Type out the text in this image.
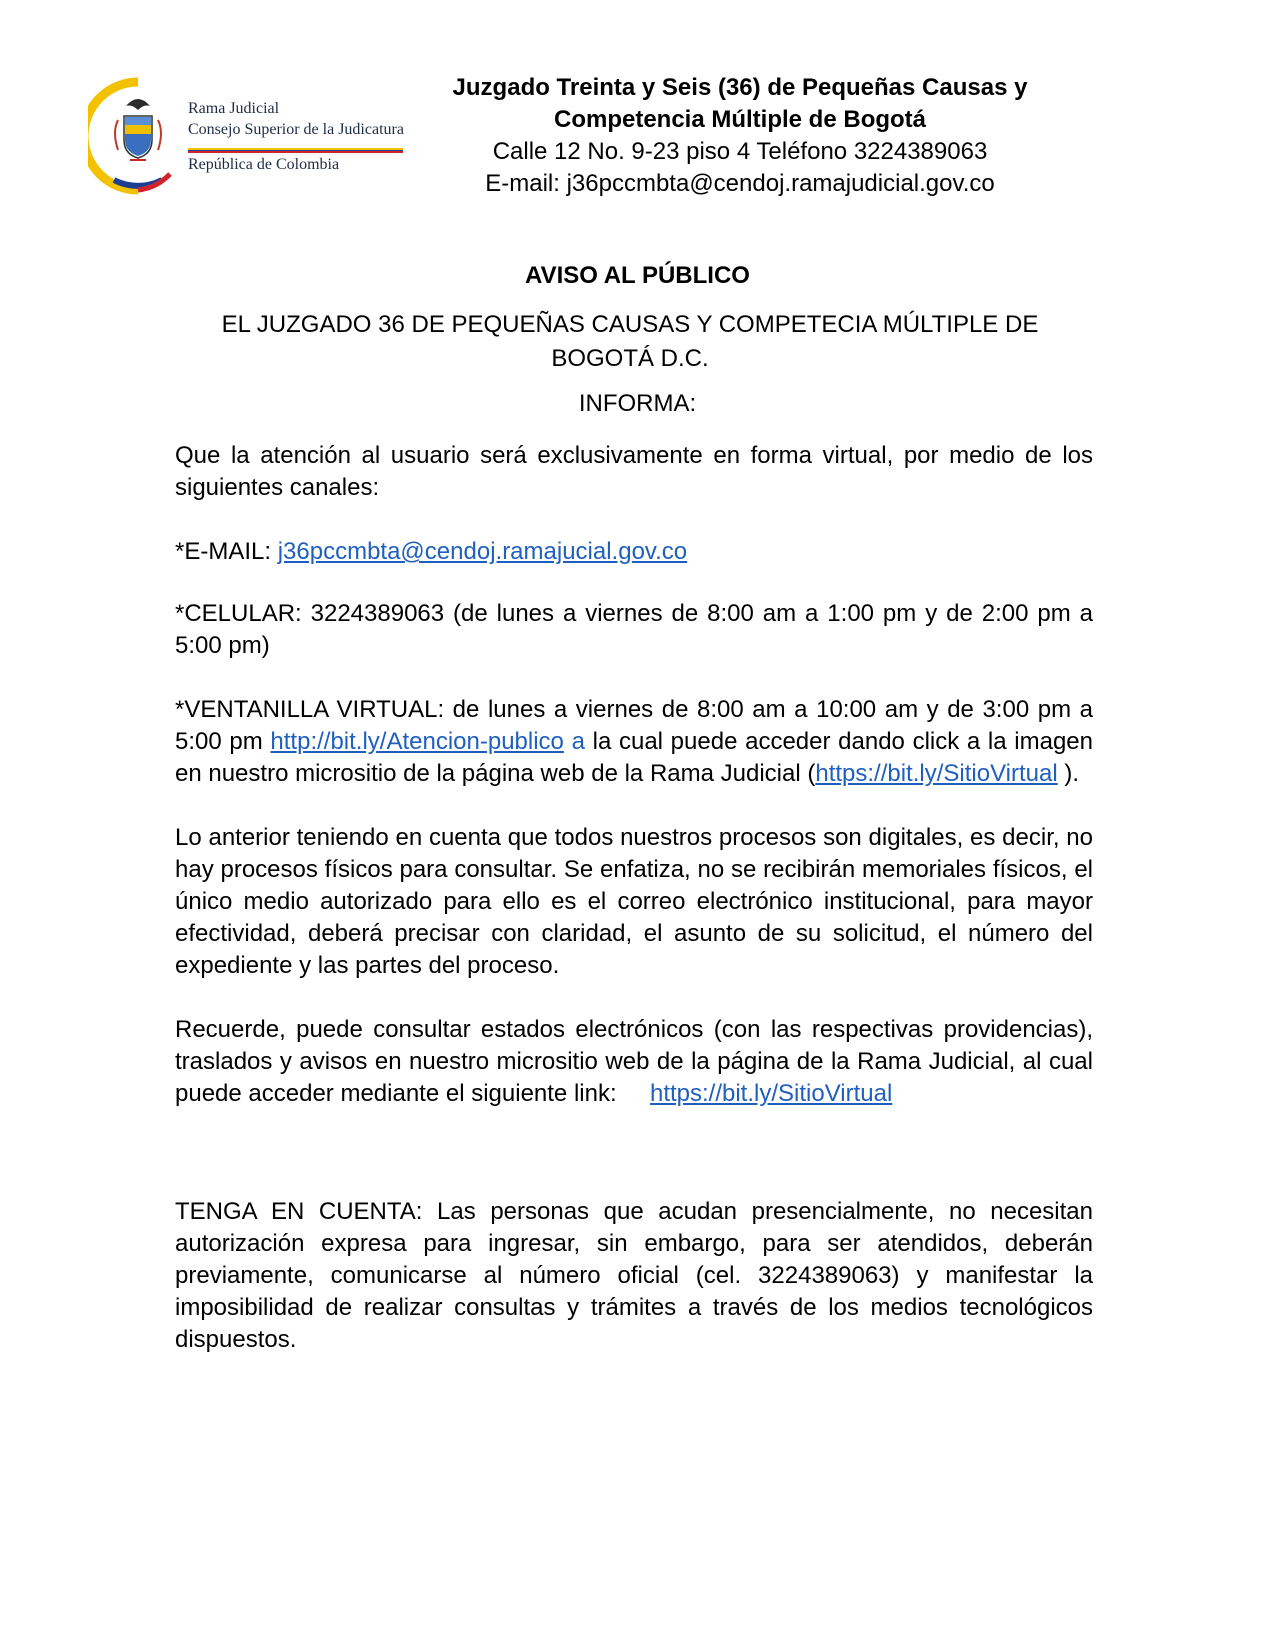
Rama Judicial
Consejo Superior de la Judicatura
República de Colombia
Juzgado Treinta y Seis (36) de Pequeñas Causas y
Competencia Múltiple de Bogotá
Calle 12 No. 9-23 piso 4 Teléfono 3224389063
E-mail: j36pccmbta@cendoj.ramajudicial.gov.co
AVISO AL PÚBLICO
EL JUZGADO 36 DE PEQUEÑAS CAUSAS Y COMPETECIA MÚLTIPLE DE
BOGOTÁ D.C.
INFORMA:

Que la atención al usuario será exclusivamente en forma virtual, por medio de los siguientes canales:

*E-MAIL: j36pccmbta@cendoj.ramajucial.gov.co

*CELULAR: 3224389063 (de lunes a viernes de 8:00 am a 1:00 pm y de 2:00 pm a 5:00 pm)

*VENTANILLA VIRTUAL: de lunes a viernes de 8:00 am a 10:00 am y de 3:00 pm a 5:00 pm http://bit.ly/Atencion-publico a la cual puede acceder dando click a la imagen en nuestro micrositio de la página web de la Rama Judicial (https://bit.ly/SitioVirtual ).

Lo anterior teniendo en cuenta que todos nuestros procesos son digitales, es decir, no hay procesos físicos para consultar. Se enfatiza, no se recibirán memoriales físicos, el único medio autorizado para ello es el correo electrónico institucional, para mayor efectividad, deberá precisar con claridad, el asunto de su solicitud, el número del expediente y las partes del proceso.

Recuerde, puede consultar estados electrónicos (con las respectivas providencias), traslados y avisos en nuestro micrositio web de la página de la Rama Judicial, al cual puede acceder mediante el siguiente link: https://bit.ly/SitioVirtual

TENGA EN CUENTA: Las personas que acudan presencialmente, no necesitan autorización expresa para ingresar, sin embargo, para ser atendidos, deberán previamente, comunicarse al número oficial (cel. 3224389063) y manifestar la imposibilidad de realizar consultas y trámites a través de los medios tecnológicos dispuestos.
